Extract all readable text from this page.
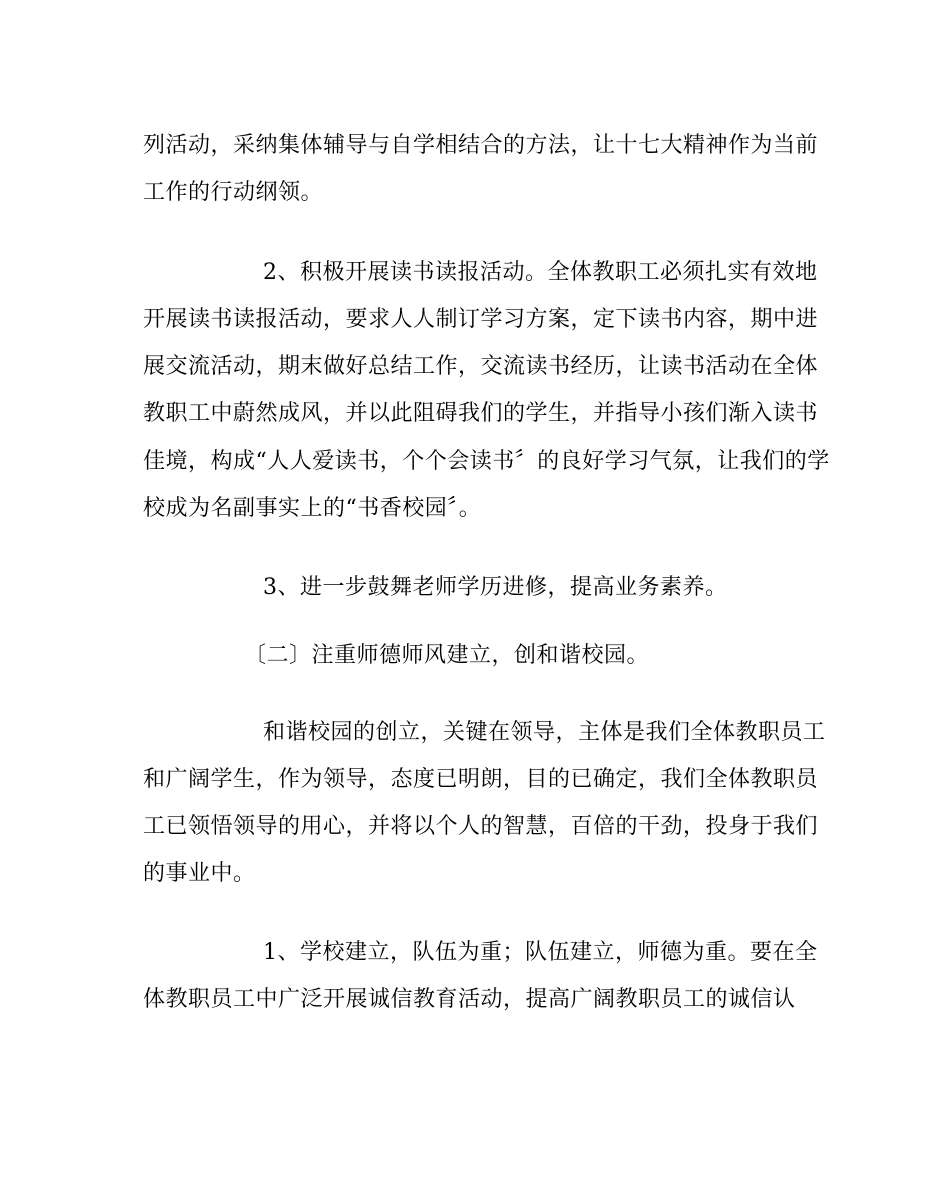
列活动，采纳集体辅导与自学相结合的方法，让十七大精神作为当前
工作的行动纲领。
2、积极开展读书读报活动。全体教职工必须扎实有效地
开展读书读报活动，要求人人制订学习方案，定下读书内容，期中进
展交流活动，期末做好总结工作，交流读书经历，让读书活动在全体
教职工中蔚然成风，并以此阻碍我们的学生，并指导小孩们渐入读书
佳境，构成“人人爱读书，个个会读书〞的良好学习气氛，让我们的学
校成为名副事实上的“书香校园〞。
3、进一步鼓舞老师学历进修，提高业务素养。
〔二〕注重师德师风建立，创和谐校园。
和谐校园的创立，关键在领导，主体是我们全体教职员工
和广阔学生，作为领导，态度已明朗，目的已确定，我们全体教职员
工已领悟领导的用心，并将以个人的智慧，百倍的干劲，投身于我们
的事业中。
1、学校建立，队伍为重；队伍建立，师德为重。要在全
体教职员工中广泛开展诚信教育活动，提高广阔教职员工的诚信认
